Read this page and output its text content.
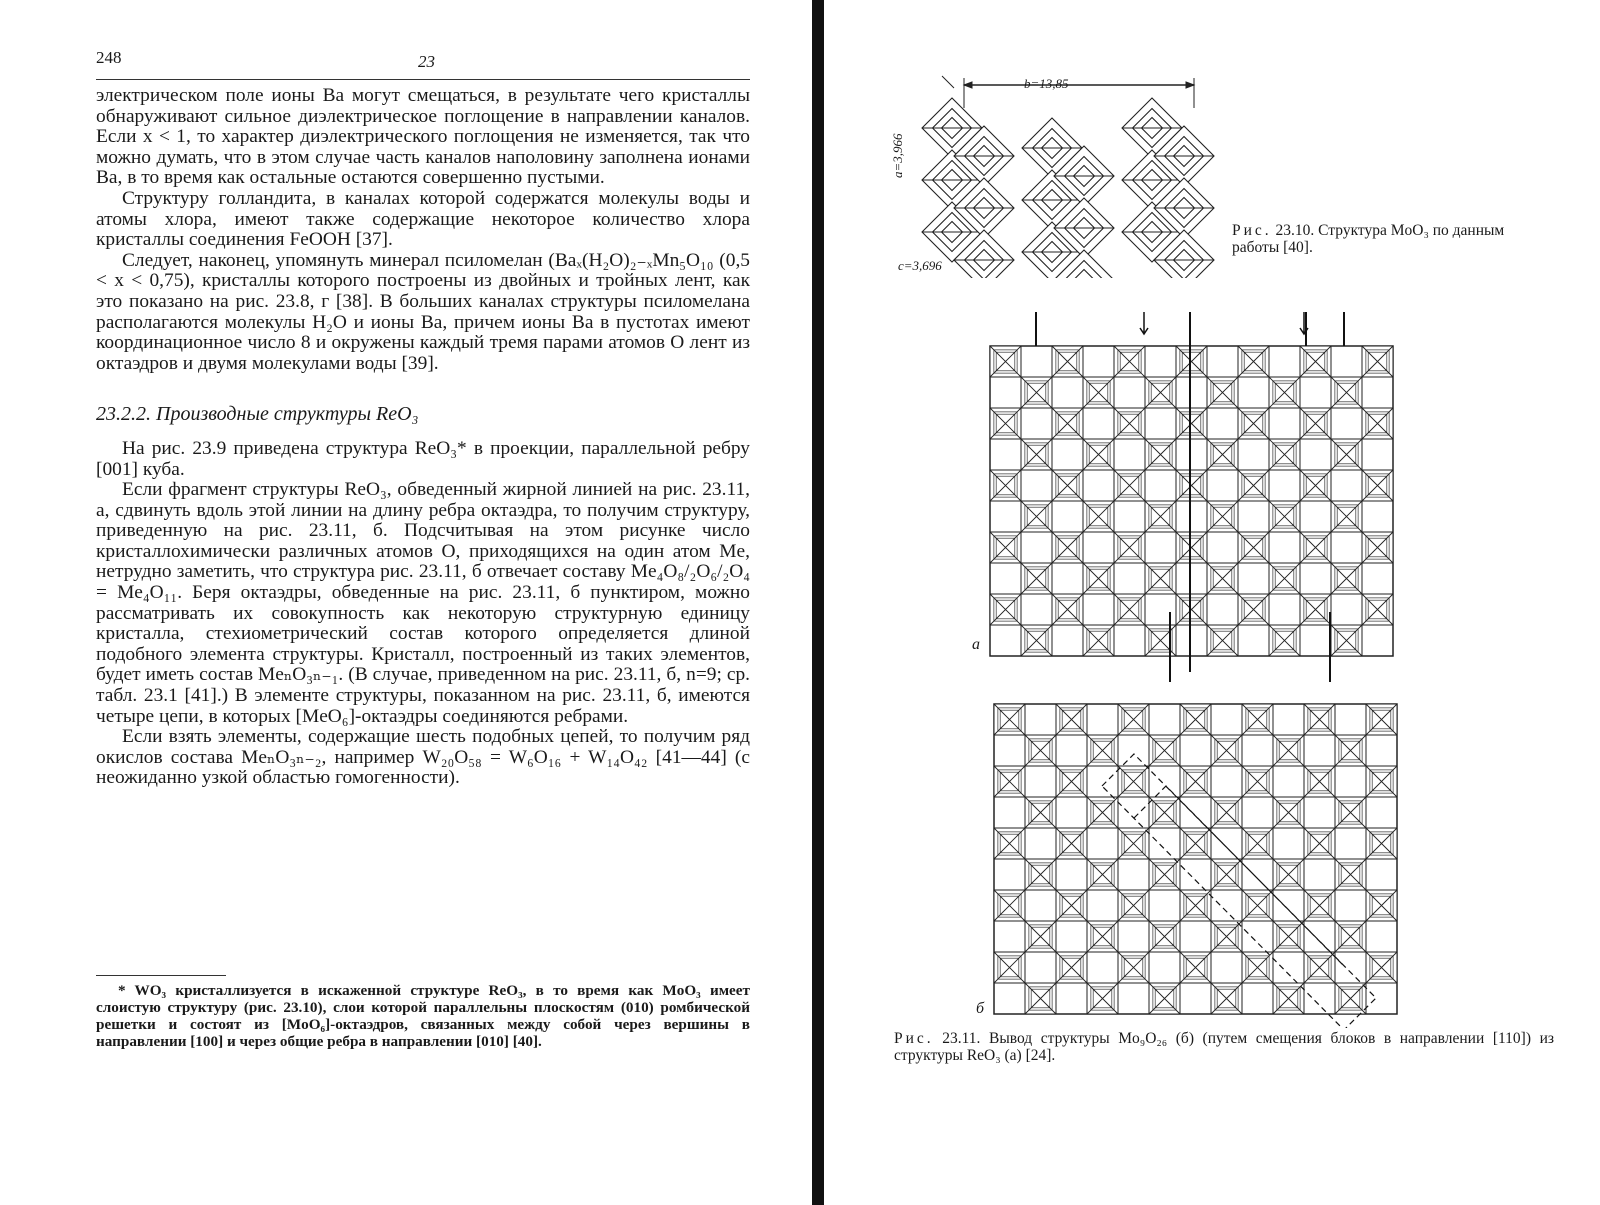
248	23

электрическом поле ионы Ва могут смещаться, в результате чего кристаллы обнаруживают сильное диэлектрическое поглощение в направлении каналов. Если x < 1, то характер диэлектрического поглощения не изменяется, так что можно думать, что в этом случае часть каналов наполовину заполнена ионами Ва, в то время как остальные остаются совершенно пустыми.

Структуру голландита, в каналах которой содержатся молекулы воды и атомы хлора, имеют также содержащие некоторое количество хлора кристаллы соединения FeOOH [37].

Следует, наконец, упомянуть минерал псиломелан (Baₓ(H₂O)₂₋ₓMn₅O₁₀ (0,5 < x < 0,75), кристаллы которого построены из двойных и тройных лент, как это показано на рис. 23.8, г [38]. В больших каналах структуры псиломелана располагаются молекулы H₂O и ионы Ва, причем ионы Ва в пустотах имеют координационное число 8 и окружены каждый тремя парами атомов O лент из октаэдров и двумя молекулами воды [39].

23.2.2. Производные структуры ReO₃

На рис. 23.9 приведена структура ReO₃* в проекции, параллельной ребру [001] куба.

Если фрагмент структуры ReO₃, обведенный жирной линией на рис. 23.11, а, сдвинуть вдоль этой линии на длину ребра октаэдра, то получим структуру, приведенную на рис. 23.11, б. Подсчитывая на этом рисунке число кристаллохимически различных атомов O, приходящихся на один атом Me, нетрудно заметить, что структура рис. 23.11, б отвечает составу Me₄O₈/₂O₆/₂O₄ = Me₄O₁₁. Беря октаэдры, обведенные на рис. 23.11, б пунктиром, можно рассматривать их совокупность как некоторую структурную единицу кристалла, стехиометрический состав которого определяется длиной подобного элемента структуры. Кристалл, построенный из таких элементов, будет иметь состав MeₙO₃ₙ₋₁. (В случае, приведенном на рис. 23.11, б, n=9; ср. табл. 23.1 [41].) В элементе структуры, показанном на рис. 23.11, б, имеются четыре цепи, в которых [MeO₆]-октаэдры соединяются ребрами.

Если взять элементы, содержащие шесть подобных цепей, то получим ряд окислов состава MeₙO₃ₙ₋₂, например W₂₀O₅₈ = W₆O₁₆ + W₁₄O₄₂ [41—44] (с неожиданно узкой областью гомогенности).

* WO₃ кристаллизуется в искаженной структуре ReO₃, в то время как MoO₃ имеет слоистую структуру (рис. 23.10), слои которой параллельны плоскостям (010) ромбической решетки и состоят из [MoO₆]-октаэдров, связанных между собой через вершины в направлении [100] и через общие ребра в направлении [010] [40].
b=13,85
a=3,966
c=3,696
Рис. 23.10. Структура MoO₃ по данным работы [40].
а
б
Рис. 23.11. Вывод структуры Mo₉O₂₆ (б) (путем смещения блоков в направлении [110]) из структуры ReO₃ (а) [24].
